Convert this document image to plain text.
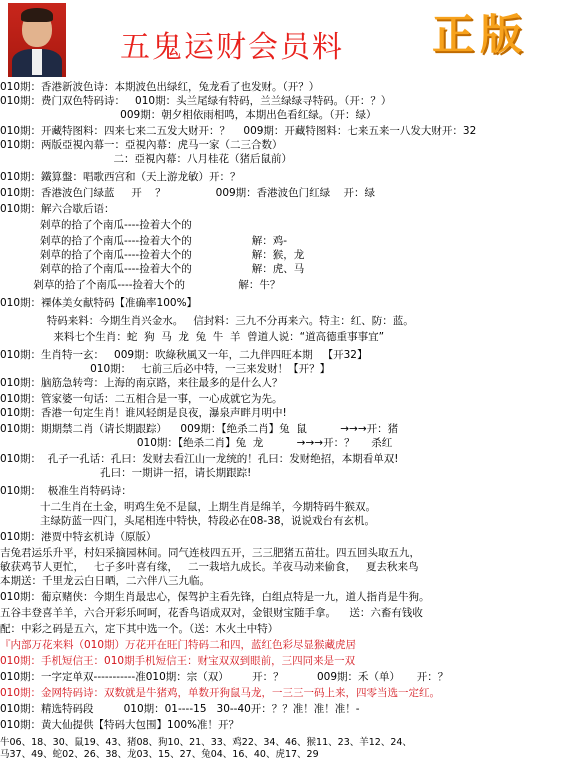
五鬼运财会员料 正版
010期：香港新波色诗：本期波色出绿红，兔龙看了也发财。（开？）
010期：费门双色特码诗：   010期：头兰尾绿有特码，兰兰绿绿寻特码。（开：？）
009期：朝夕相依雨相鸣，本期出色看红绿。（开：绿）
010期：开藏特图料：四来七来二五发大财开：？    009期：开藏特图料：七来五来一八发大财开：32
010期：两版亞視內幕一：亞視內幕：虎马一家（二三合数）
二：亞視內幕：八月桂花（猪后鼠前）
010期：鐵算盤：唱歌西宫和（天上游龙敏）开：？
010期：香港波色门绿蓝     开    ？               009期：香港波色门红绿    开：绿
010期：解六合歇后语：
剁草的拾了个南瓜----捡着大个的
剁草的拾了个南瓜----捡着大个的                  解：鸡-
剁草的拾了个南瓜----捡着大个的                  解：猴，龙
剁草的拾了个南瓜----捡着大个的                  解：虎、马
剁草的拾了个南瓜----捡着大个的                解：牛？
010期：裸体美女献特码【准确率100%】
特码来料：今期生肖兴金水。   信封料：三九不分再来六。特主：红、防：蓝。
来料七个生肖：蛇  狗  马  龙  兔  牛  羊  曾道人说：“道高德重事事宜”
010期：生肖特一玄：   009期：吹綠秋風又一年，二九伴四旺本期   【开32】
010期：   七前三后必中特，一三来发财！【开？】
010期：脑筋急转弯：上海的南京路，来往最多的是什么人？
010期：管家婆一句话：二五相合是一事，一心成就它为先。
010期：香港一句定生肖！谁风轻朗是良夜，瀑泉声畔月明中!
010期：期期禁二肖（请长期跟踪）    009期：【绝杀二肖】兔  鼠          →→→开：猪
010期：【绝杀二肖】兔  龙          →→→开：？     杀红
010期：  孔子一孔话：孔曰：发财去看江山一龙统的！孔曰：发财绝招，本期看单双!
孔曰：一期讲一招，请长期跟踪!
010期：  极准生肖特码诗：
十二生肖在土金，明鸡生免不是鼠，上期生肖是绵羊，今期特码牛猴双。
主绿防蓝一四门，头尾相连中特快，特段必在08-38，说说戏台有玄机。
010期：港贾中特玄机诗（原版）
吉兔君运乐升平，村妇采摘园林间。同气连枝四五开，三三肥猪五苗壮。四五回头取五九，
敏获鸡节人更忙，   七子多叶喜有缘，   二一栽培九成长。羊夜马动来偷食，   夏去秋来鸟
本期送：千里龙云白日晒，二六伴八三九临。
010期：葡京赌侠：今期生肖最忠心，保驾护主看先锋，白组点特是一九，道人指肖是牛狗。
五谷丰登喜羊羊，六合开彩乐呵呵，花香鸟语成双对，金银财宝随手拿。    送：六畜有钱收
配：中彩之码是五六，定下其中选一个。（送：木火土中特）
『内部万花来料（010期）万花开在旺门特码二和四，蓝红色彩尽显猴藏虎居
010期：手机短信王：010期手机短信王：财宝双双到眼前，三四同来是一双
010期：一字定单双-----------准010期：宗（双）       开：？          009期：禾（单）     开：？
010期：金网特码诗：双数就是牛猪鸡，单数开狗鼠马龙，一三三一码上来，四零当选一定红。
010期：精选特码段         010期：01----15   30--40开：？？准！准！准！-
010期：黄大仙提供【特码大包围】100%准！开？
牛06、18、30、鼠19、43、猪08、狗10、21、33、鸡22、34、46、猴11、23、羊12、24、
马37、49、蛇02、26、38、龙03、15、27、兔04、16、40、虎17、29
